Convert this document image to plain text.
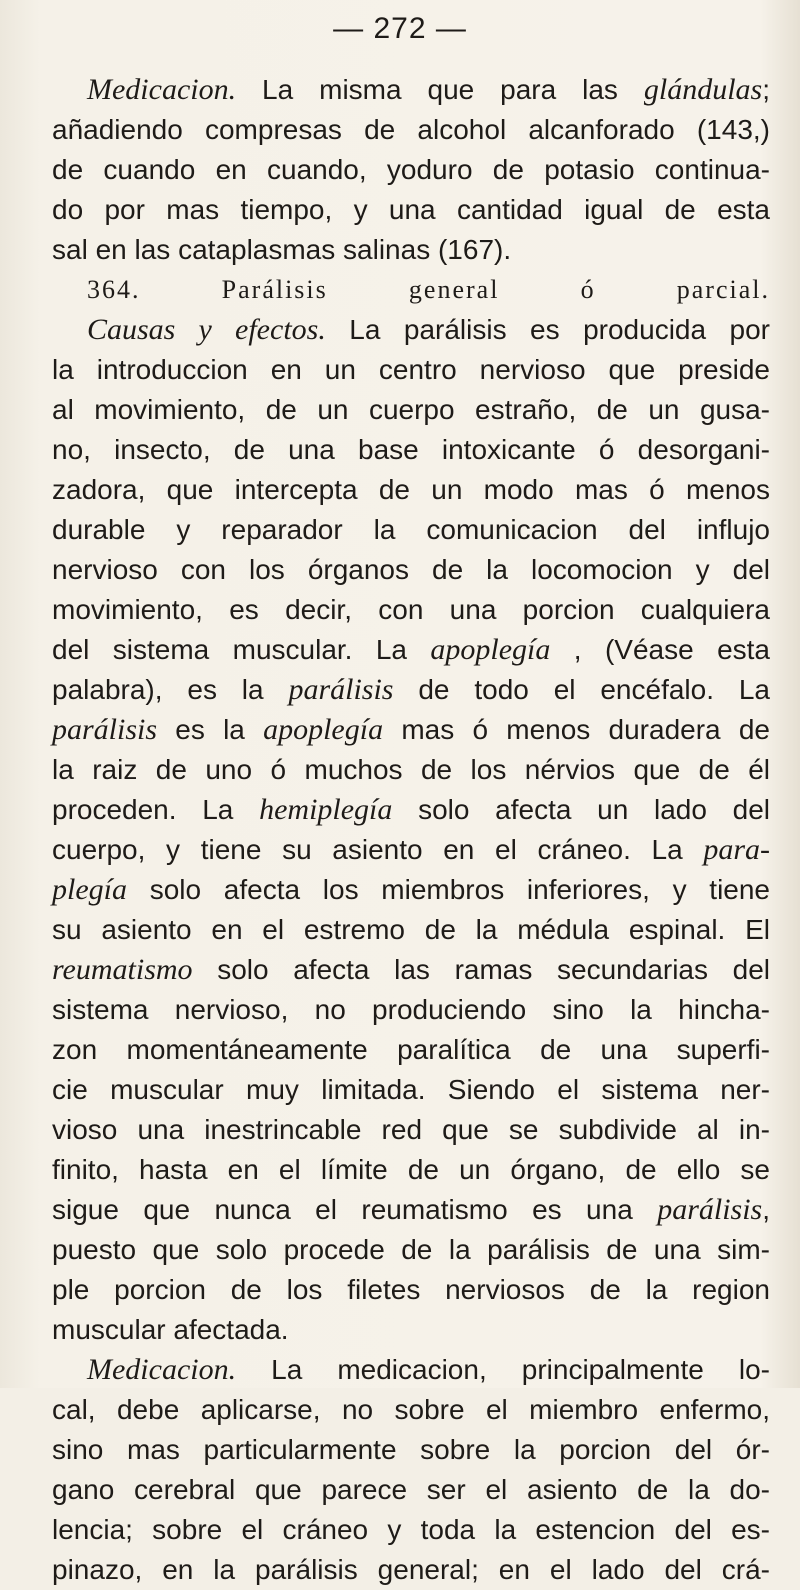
— 272 —
Medicacion. La misma que para las glándulas;
añadiendo compresas de alcohol alcanforado (143,)
de cuando en cuando, yoduro de potasio continua-
do por mas tiempo, y una cantidad igual de esta
sal en las cataplasmas salinas (167).
364. Parálisis general ó parcial.
Causas y efectos. La parálisis es producida por
la introduccion en un centro nervioso que preside
al movimiento, de un cuerpo estraño, de un gusa-
no, insecto, de una base intoxicante ó desorgani-
zadora, que intercepta de un modo mas ó menos
durable y reparador la comunicacion del influjo
nervioso con los órganos de la locomocion y del
movimiento, es decir, con una porcion cualquiera
del sistema muscular. La apoplegía , (Véase esta
palabra), es la parálisis de todo el encéfalo. La
parálisis es la apoplegía mas ó menos duradera de
la raiz de uno ó muchos de los nérvios que de él
proceden. La hemiplegía solo afecta un lado del
cuerpo, y tiene su asiento en el cráneo. La para-
plegía solo afecta los miembros inferiores, y tiene
su asiento en el estremo de la médula espinal. El
reumatismo solo afecta las ramas secundarias del
sistema nervioso, no produciendo sino la hincha-
zon momentáneamente paralítica de una superfi-
cie muscular muy limitada. Siendo el sistema ner-
vioso una inestrincable red que se subdivide al in-
finito, hasta en el límite de un órgano, de ello se
sigue que nunca el reumatismo es una parálisis,
puesto que solo procede de la parálisis de una sim-
ple porcion de los filetes nerviosos de la region
muscular afectada.
Medicacion. La medicacion, principalmente lo-
cal, debe aplicarse, no sobre el miembro enfermo,
sino mas particularmente sobre la porcion del ór-
gano cerebral que parece ser el asiento de la do-
lencia; sobre el cráneo y toda la estencion del es-
pinazo, en la parálisis general; en el lado del crá-
